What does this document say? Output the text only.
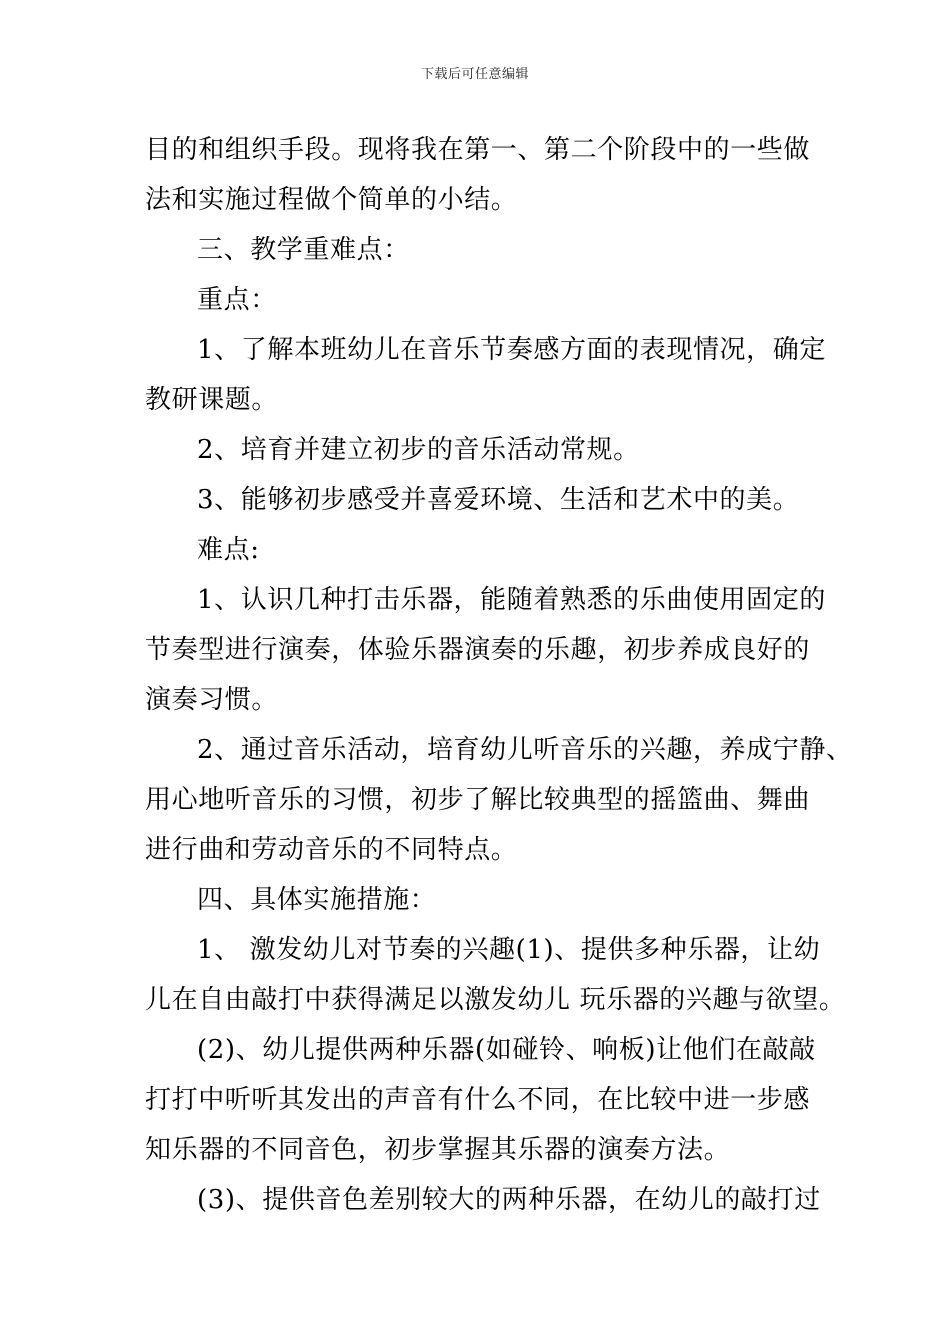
下载后可任意编辑
目的和组织手段。现将我在第一、第二个阶段中的一些做
法和实施过程做个简单的小结。
三、教学重难点：
重点：
1、了解本班幼儿在音乐节奏感方面的表现情况，确定
教研课题。
2、培育并建立初步的音乐活动常规。
3、能够初步感受并喜爱环境、生活和艺术中的美。
难点:
1、认识几种打击乐器，能随着熟悉的乐曲使用固定的
节奏型进行演奏，体验乐器演奏的乐趣，初步养成良好的
演奏习惯。
2、通过音乐活动，培育幼儿听音乐的兴趣，养成宁静、
用心地听音乐的习惯，初步了解比较典型的摇篮曲、舞曲
进行曲和劳动音乐的不同特点。
四、具体实施措施：
1、 激发幼儿对节奏的兴趣(1)、提供多种乐器，让幼
儿在自由敲打中获得满足以激发幼儿 玩乐器的兴趣与欲望。
(2)、幼儿提供两种乐器(如碰铃、响板)让他们在敲敲
打打中听听其发出的声音有什么不同，在比较中进一步感
知乐器的不同音色，初步掌握其乐器的演奏方法。
(3)、提供音色差别较大的两种乐器，在幼儿的敲打过
